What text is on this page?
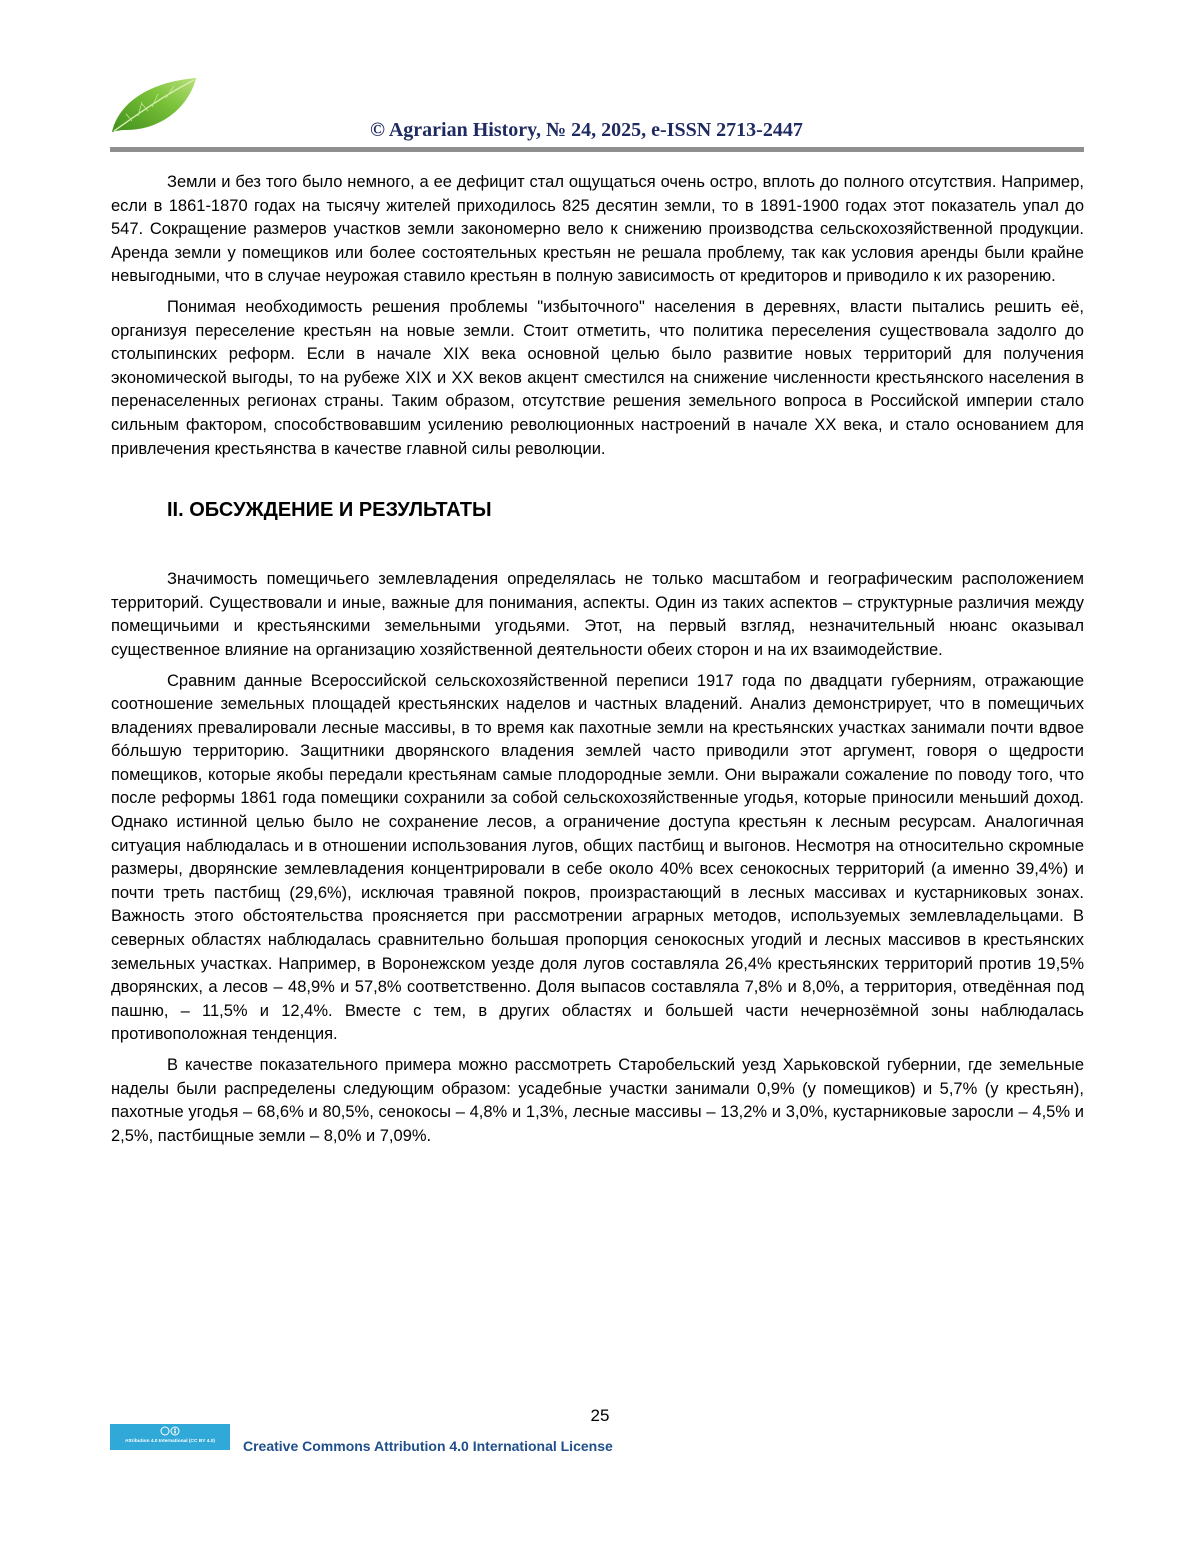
© Agrarian History, № 24, 2025, e-ISSN 2713-2447

Земли и без того было немного, а ее дефицит стал ощущаться очень остро, вплоть до полного отсутствия. Например, если в 1861-1870 годах на тысячу жителей приходилось 825 десятин земли, то в 1891-1900 годах этот показатель упал до 547. Сокращение размеров участков земли закономерно вело к снижению производства сельскохозяйственной продукции. Аренда земли у помещиков или более состоятельных крестьян не решала проблему, так как условия аренды были крайне невыгодными, что в случае неурожая ставило крестьян в полную зависимость от кредиторов и приводило к их разорению.

Понимая необходимость решения проблемы "избыточного" населения в деревнях, власти пытались решить её, организуя переселение крестьян на новые земли. Стоит отметить, что политика переселения существовала задолго до столыпинских реформ. Если в начале XIX века основной целью было развитие новых территорий для получения экономической выгоды, то на рубеже XIX и XX веков акцент сместился на снижение численности крестьянского населения в перенаселенных регионах страны. Таким образом, отсутствие решения земельного вопроса в Российской империи стало сильным фактором, способствовавшим усилению революционных настроений в начале XX века, и стало основанием для привлечения крестьянства в качестве главной силы революции.

II. ОБСУЖДЕНИЕ И РЕЗУЛЬТАТЫ

Значимость помещичьего землевладения определялась не только масштабом и географическим расположением территорий. Существовали и иные, важные для понимания, аспекты. Один из таких аспектов – структурные различия между помещичьими и крестьянскими земельными угодьями. Этот, на первый взгляд, незначительный нюанс оказывал существенное влияние на организацию хозяйственной деятельности обеих сторон и на их взаимодействие.

Сравним данные Всероссийской сельскохозяйственной переписи 1917 года по двадцати губерниям, отражающие соотношение земельных площадей крестьянских наделов и частных владений. Анализ демонстрирует, что в помещичьих владениях превалировали лесные массивы, в то время как пахотные земли на крестьянских участках занимали почти вдвое бóльшую территорию. Защитники дворянского владения землей часто приводили этот аргумент, говоря о щедрости помещиков, которые якобы передали крестьянам самые плодородные земли. Они выражали сожаление по поводу того, что после реформы 1861 года помещики сохранили за собой сельскохозяйственные угодья, которые приносили меньший доход. Однако истинной целью было не сохранение лесов, а ограничение доступа крестьян к лесным ресурсам. Аналогичная ситуация наблюдалась и в отношении использования лугов, общих пастбищ и выгонов. Несмотря на относительно скромные размеры, дворянские землевладения концентрировали в себе около 40% всех сенокосных территорий (а именно 39,4%) и почти треть пастбищ (29,6%), исключая травяной покров, произрастающий в лесных массивах и кустарниковых зонах. Важность этого обстоятельства проясняется при рассмотрении аграрных методов, используемых землевладельцами. В северных областях наблюдалась сравнительно большая пропорция сенокосных угодий и лесных массивов в крестьянских земельных участках. Например, в Воронежском уезде доля лугов составляла 26,4% крестьянских территорий против 19,5% дворянских, а лесов – 48,9% и 57,8% соответственно. Доля выпасов составляла 7,8% и 8,0%, а территория, отведённая под пашню, – 11,5% и 12,4%. Вместе с тем, в других областях и большей части нечернозёмной зоны наблюдалась противоположная тенденция.

В качестве показательного примера можно рассмотреть Старобельский уезд Харьковской губернии, где земельные наделы были распределены следующим образом: усадебные участки занимали 0,9% (у помещиков) и 5,7% (у крестьян), пахотные угодья – 68,6% и 80,5%, сенокосы – 4,8% и 1,3%, лесные массивы – 13,2% и 3,0%, кустарниковые заросли – 4,5% и 2,5%, пастбищные земли – 8,0% и 7,09%.

25
Attribution 4.0 International (CC BY 4.0)	Creative Commons Attribution 4.0 International License
